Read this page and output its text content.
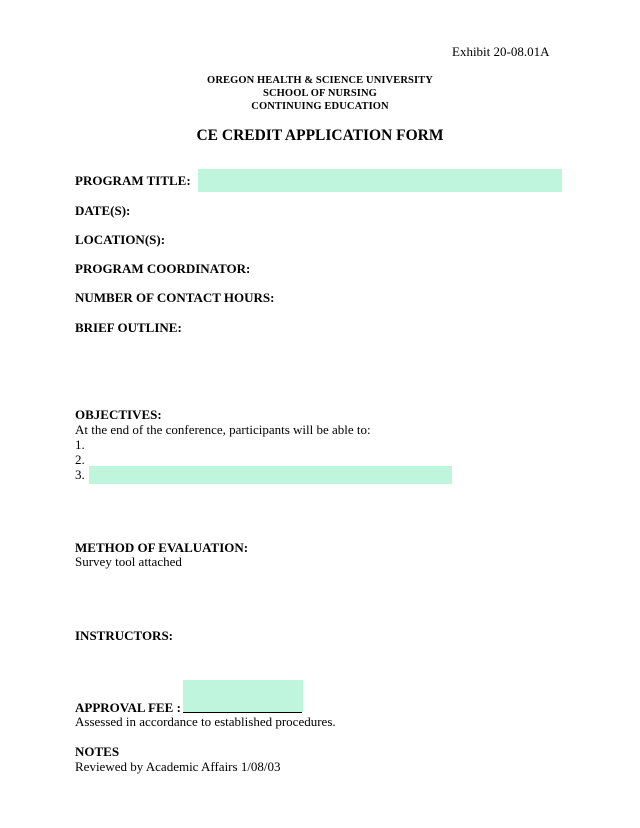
Exhibit 20-08.01A
OREGON HEALTH & SCIENCE UNIVERSITY
SCHOOL OF NURSING
CONTINUING EDUCATION
CE CREDIT APPLICATION FORM
PROGRAM TITLE:
DATE(S):
LOCATION(S):
PROGRAM COORDINATOR:
NUMBER OF CONTACT HOURS:
BRIEF OUTLINE:
OBJECTIVES:
At the end of the conference, participants will be able to:
1.
2.
3.
METHOD OF EVALUATION:
Survey tool attached
INSTRUCTORS:
APPROVAL FEE :
Assessed in accordance to established procedures.
NOTES
Reviewed by Academic Affairs 1/08/03
